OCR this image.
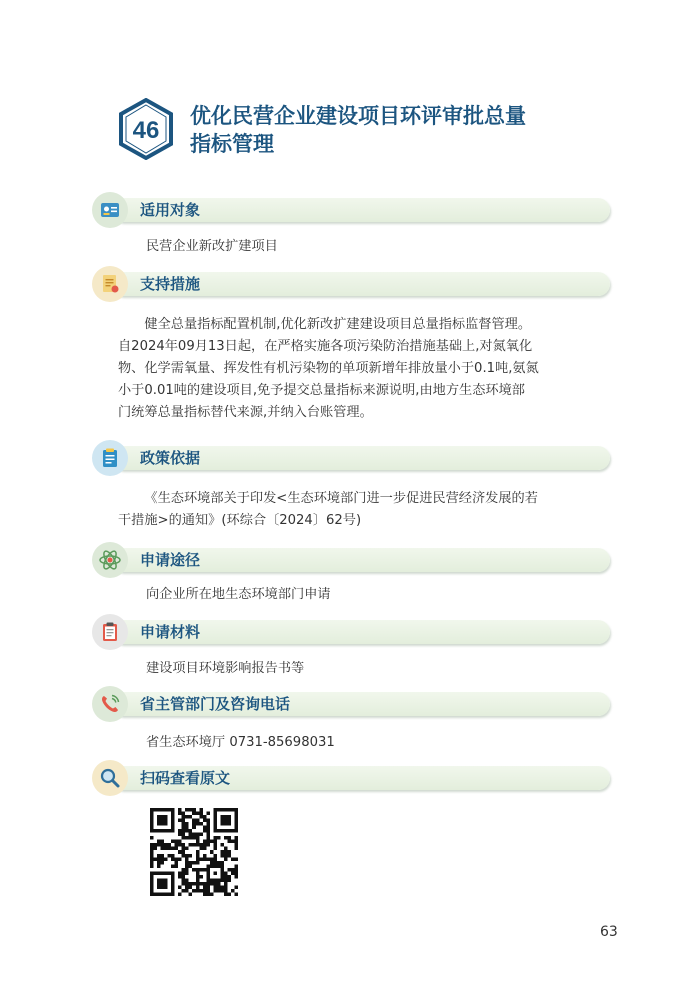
46
优化民营企业建设项目环评审批总量
指标管理
适用对象
民营企业新改扩建项目
支持措施

健全总量指标配置机制,优化新改扩建建设项目总量指标监督管理。

自2024年09月13日起，在严格实施各项污染防治措施基础上,对氮氧化
物、化学需氧量、挥发性有机污染物的单项新增年排放量小于0.1吨,氨氮
小于0.01吨的建设项目,免予提交总量指标来源说明,由地方生态环境部
门统筹总量指标替代来源,并纳入台账管理。
政策依据

《生态环境部关于印发<生态环境部门进一步促进民营经济发展的若

干措施>的通知》(环综合〔2024〕62号)
申请途径
向企业所在地生态环境部门申请
申请材料
建设项目环境影响报告书等
省主管部门及咨询电话
省生态环境厅 0731-85698031
扫码查看原文
63
